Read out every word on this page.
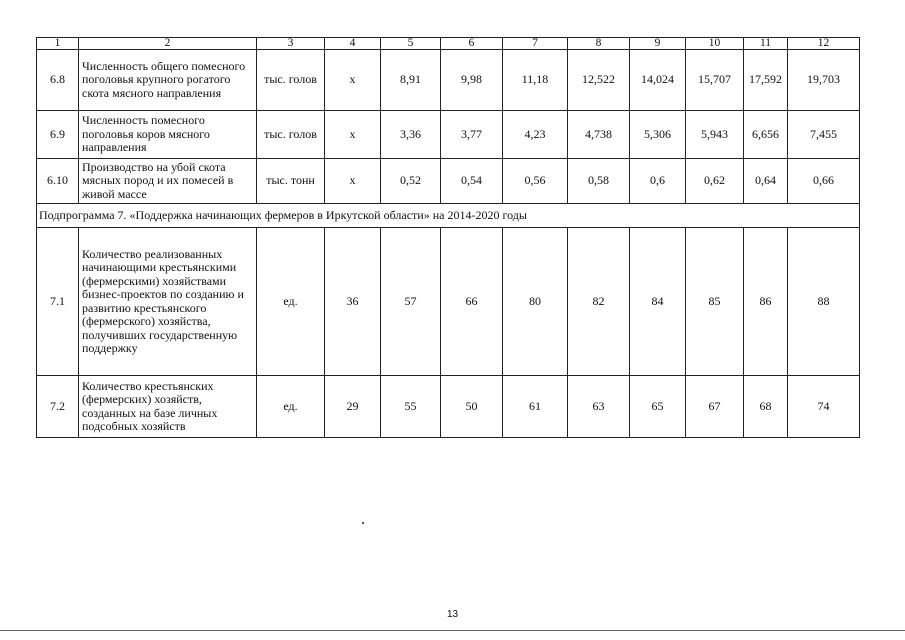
1	2	3	4	5	6	7	8	9	10	11	12
6.8	Численность общего помесного поголовья крупного рогатого скота мясного направления	тыс. голов	х	8,91	9,98	11,18	12,522	14,024	15,707	17,592	19,703
6.9	Численность помесного поголовья коров мясного направления	тыс. голов	х	3,36	3,77	4,23	4,738	5,306	5,943	6,656	7,455
6.10	Производство на убой скота мясных пород и их помесей в живой массе	тыс. тонн	х	0,52	0,54	0,56	0,58	0,6	0,62	0,64	0,66
Подпрограмма 7. «Поддержка начинающих фермеров в Иркутской области» на 2014-2020 годы											
7.1	Количество реализованных начинающими крестьянскими (фермерскими) хозяйствами бизнес-проектов по созданию и развитию крестьянского (фермерского) хозяйства, получивших государственную поддержку	ед.	36	57	66	80	82	84	85	86	88
7.2	Количество крестьянских (фермерских) хозяйств, созданных на базе личных подсобных хозяйств	ед.	29	55	50	61	63	65	67	68	74
13
